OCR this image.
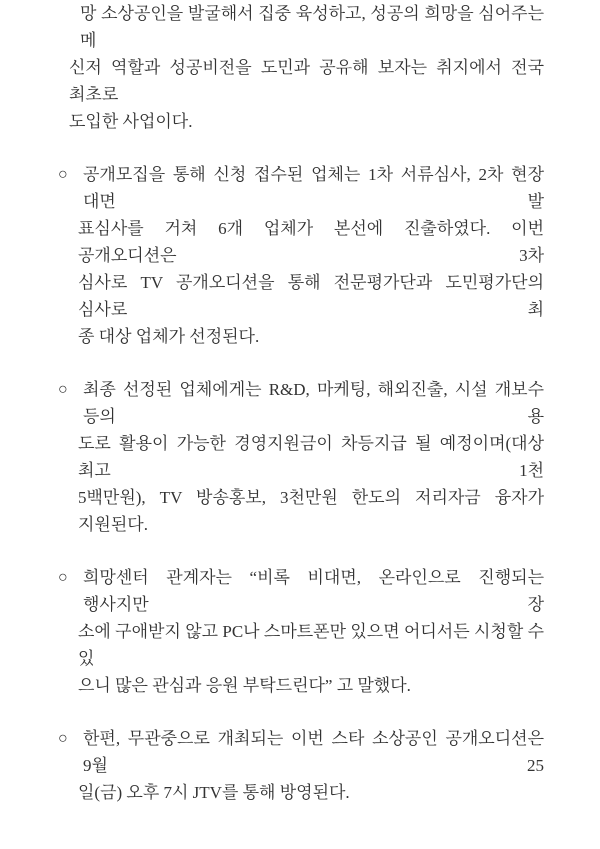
망 소상공인을 발굴해서 집중 육성하고, 성공의 희망을 심어주는 메
신저 역할과 성공비전을 도민과 공유해 보자는 취지에서 전국 최초로
도입한 사업이다.
○ 공개모집을 통해 신청 접수된 업체는 1차 서류심사, 2차 현장 대면 발
표심사를 거쳐 6개 업체가 본선에 진출하였다. 이번 공개오디션은 3차
심사로 TV 공개오디션을 통해 전문평가단과 도민평가단의 심사로 최
종 대상 업체가 선정된다.
○ 최종 선정된 업체에게는 R&D, 마케팅, 해외진출, 시설 개보수 등의 용
도로 활용이 가능한 경영지원금이 차등지급 될 예정이며(대상 최고 1천
5백만원), TV 방송홍보, 3천만원 한도의 저리자금 융자가 지원된다.
○ 희망센터 관계자는 “비록 비대면, 온라인으로 진행되는 행사지만 장
소에 구애받지 않고 PC나 스마트폰만 있으면 어디서든 시청할 수 있
으니 많은 관심과 응원 부탁드린다” 고 말했다.
○ 한편, 무관중으로 개최되는 이번 스타 소상공인 공개오디션은 9월 25
일(금) 오후 7시 JTV를 통해 방영된다.
